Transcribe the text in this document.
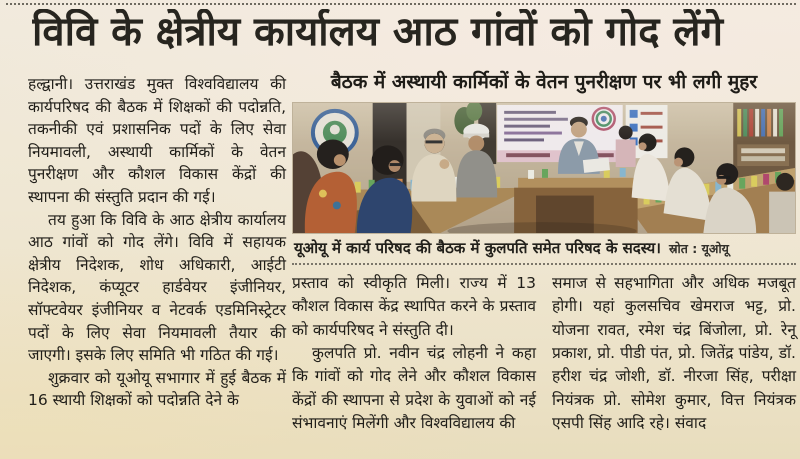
विवि के क्षेत्रीय कार्यालय आठ गांवों को गोद लेंगे

हल्द्वानी। उत्तराखंड मुक्त विश्वविद्यालय की कार्यपरिषद की बैठक में शिक्षकों की पदोन्नति, तकनीकी एवं प्रशासनिक पदों के लिए सेवा नियमावली, अस्थायी कार्मिकों के वेतन पुनरीक्षण और कौशल विकास केंद्रों की स्थापना की संस्तुति प्रदान की गई।

तय हुआ कि विवि के आठ क्षेत्रीय कार्यालय आठ गांवों को गोद लेंगे। विवि में सहायक क्षेत्रीय निदेशक, शोध अधिकारी, आईटी निदेशक, कंप्यूटर हार्डवेयर इंजीनियर, सॉफ्टवेयर इंजीनियर व नेटवर्क एडमिनिस्ट्रेटर पदों के लिए सेवा नियमावली तैयार की जाएगी। इसके लिए समिति भी गठित की गई।

शुक्रवार को यूओयू सभागार में हुई बैठक में 16 स्थायी शिक्षकों को पदोन्नति देने के

बैठक में अस्थायी कार्मिकों के वेतन पुनरीक्षण पर भी लगी मुहर
यूओयू में कार्य परिषद की बैठक में कुलपति समेत परिषद के सदस्य। स्रोत : यूओयू

प्रस्ताव को स्वीकृति मिली। राज्य में 13 कौशल विकास केंद्र स्थापित करने के प्रस्ताव को कार्यपरिषद ने संस्तुति दी।

कुलपति प्रो. नवीन चंद्र लोहनी ने कहा कि गांवों को गोद लेने और कौशल विकास केंद्रों की स्थापना से प्रदेश के युवाओं को नई संभावनाएं मिलेंगी और विश्वविद्यालय की

समाज से सहभागिता और अधिक मजबूत होगी। यहां कुलसचिव खेमराज भट्ट, प्रो. योजना रावत, रमेश चंद्र बिंजोला, प्रो. रेनू प्रकाश, प्रो. पीडी पंत, प्रो. जितेंद्र पांडेय, डॉ. हरीश चंद्र जोशी, डॉ. नीरजा सिंह, परीक्षा नियंत्रक प्रो. सोमेश कुमार, वित्त नियंत्रक एसपी सिंह आदि रहे। संवाद
